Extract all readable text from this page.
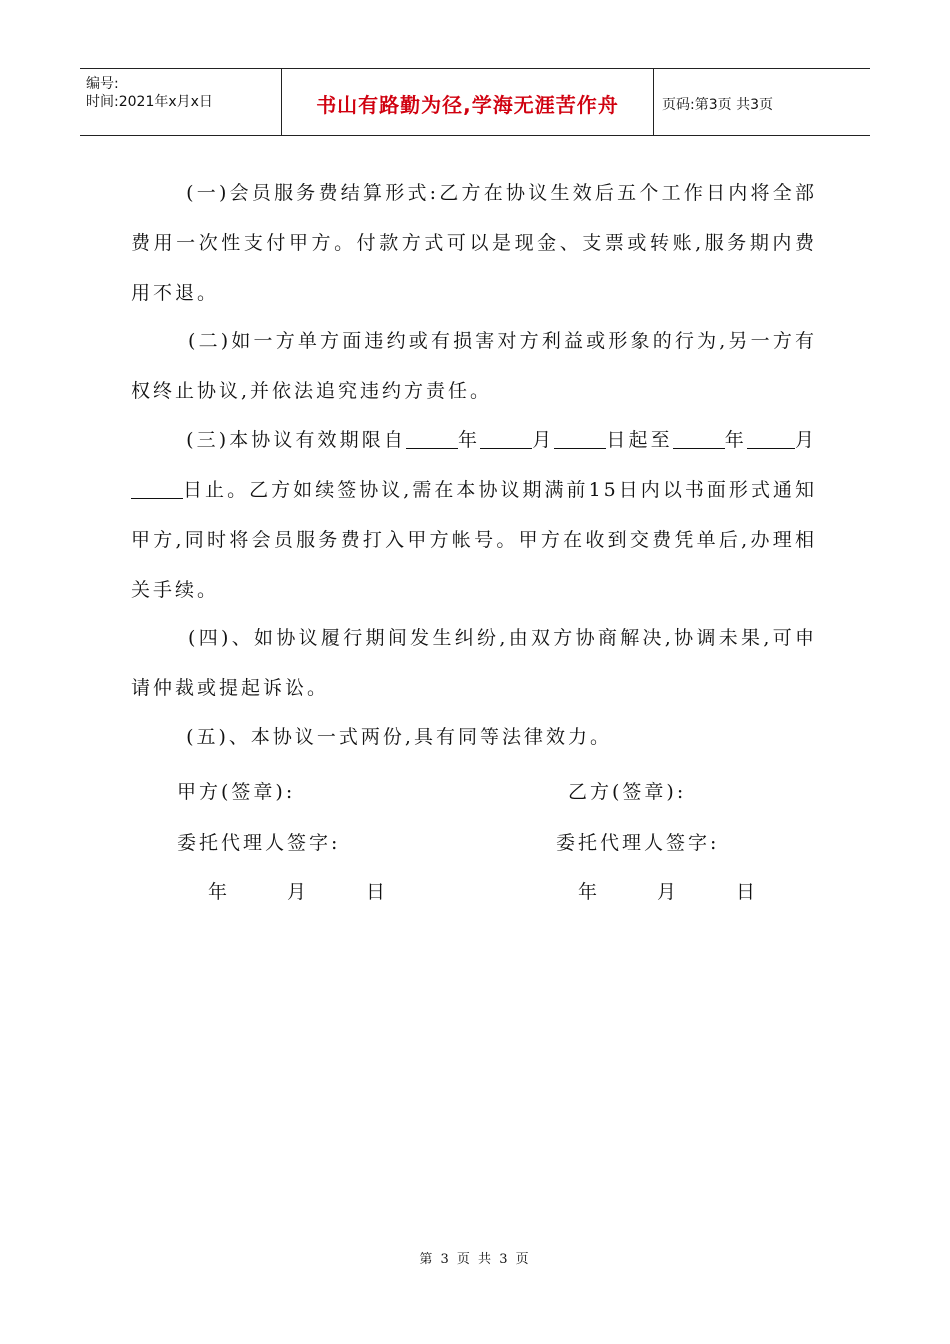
编号:
时间:2021年x月x日	书山有路勤为径,学海无涯苦作舟	页码:第3页 共3页
(一)会员服务费结算形式:乙方在协议生效后五个工作日内将全部费用一次性支付甲方。付款方式可以是现金、支票或转账,服务期内费用不退。
(二)如一方单方面违约或有损害对方利益或形象的行为,另一方有权终止协议,并依法追究违约方责任。
(三)本协议有效期限自	年	月	日起至	年	月日止。乙方如续签协议,需在本协议期满前15日内以书面形式通知甲方,同时将会员服务费打入甲方帐号。甲方在收到交费凭单后,办理相关手续。
(四)、如协议履行期间发生纠纷,由双方协商解决,协调未果,可申请仲裁或提起诉讼。
(五)、本协议一式两份,具有同等法律效力。
甲方(签章):	乙方(签章):
委托代理人签字:	委托代理人签字:
年	月	日	年	月	日
第 3 页 共 3 页
